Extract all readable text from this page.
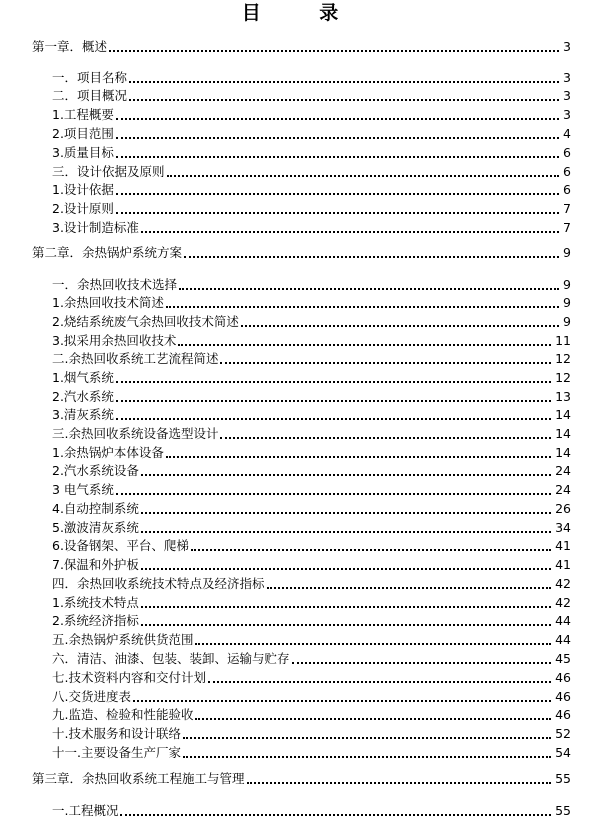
目 录
第一章．概述	3
一．项目名称	3
二．项目概况	3
1.工程概要	3
2.项目范围	4
3.质量目标	6
三．设计依据及原则	6
1.设计依据	6
2.设计原则	7
3.设计制造标准	7
第二章．余热锅炉系统方案	9
一．余热回收技术选择	9
1.余热回收技术简述	9
2.烧结系统废气余热回收技术简述	9
3.拟采用余热回收技术	11
二.余热回收系统工艺流程简述	12
1.烟气系统	12
2.汽水系统	13
3.清灰系统	14
三.余热回收系统设备选型设计	14
1.余热锅炉本体设备	14
2.汽水系统设备	24
3 电气系统	24
4.自动控制系统	26
5.激波清灰系统	34
6.设备钢架、平台、爬梯	41
7.保温和外护板	41
四．余热回收系统技术特点及经济指标	42
1.系统技术特点	42
2.系统经济指标	44
五.余热锅炉系统供货范围	44
六．清洁、油漆、包装、装卸、运输与贮存	45
七.技术资料内容和交付计划	46
八.交货进度表	46
九.监造、检验和性能验收	46
十.技术服务和设计联络	52
十一.主要设备生产厂家	54
第三章．余热回收系统工程施工与管理	55
一.工程概况	55
